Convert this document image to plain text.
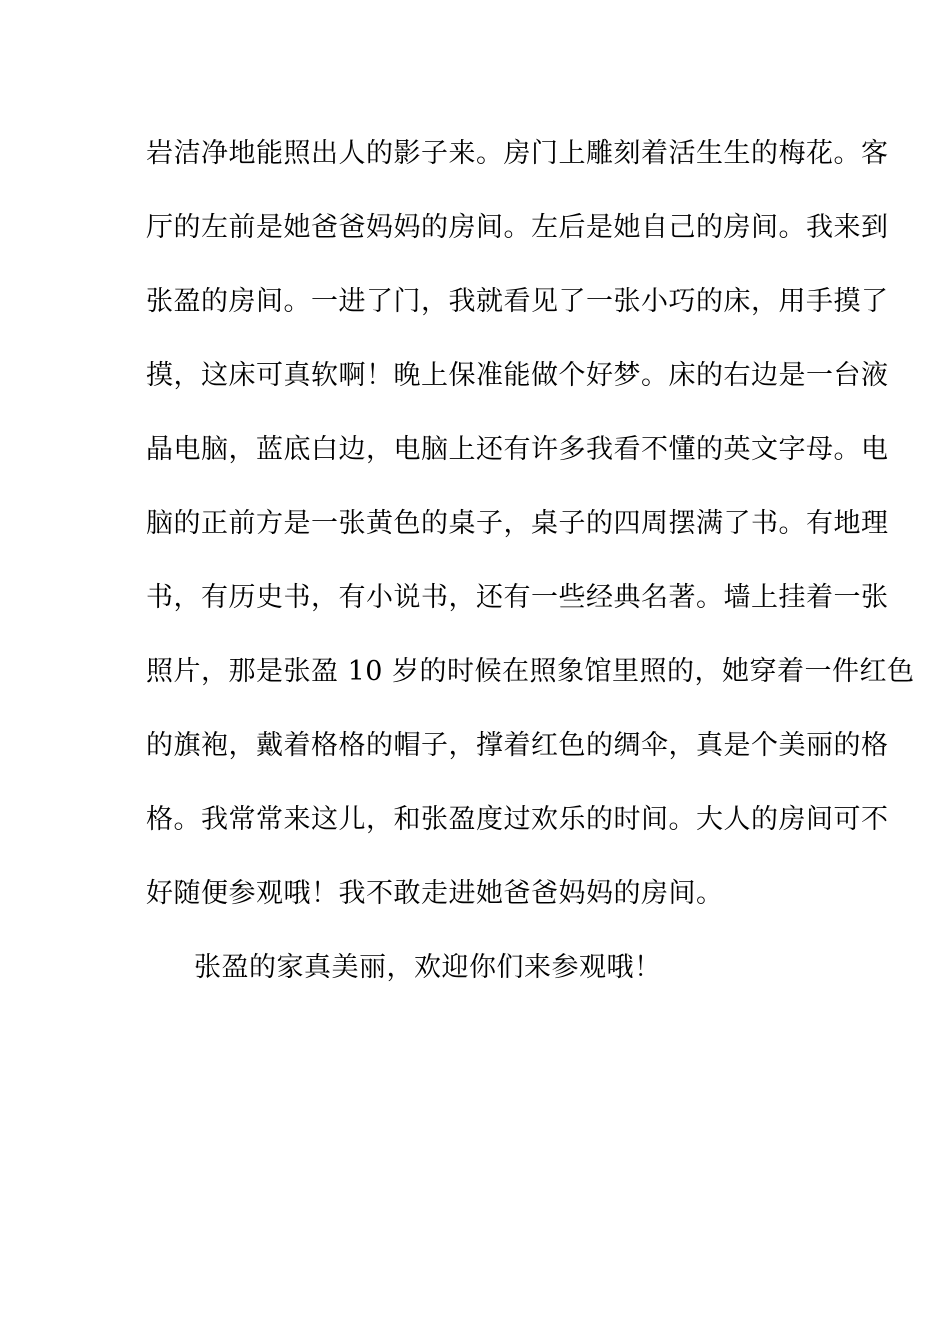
岩洁净地能照出人的影子来。房门上雕刻着活生生的梅花。客
厅的左前是她爸爸妈妈的房间。左后是她自己的房间。我来到
张盈的房间。一进了门，我就看见了一张小巧的床，用手摸了
摸，这床可真软啊！晚上保准能做个好梦。床的右边是一台液
晶电脑，蓝底白边，电脑上还有许多我看不懂的英文字母。电
脑的正前方是一张黄色的桌子，桌子的四周摆满了书。有地理
书，有历史书，有小说书，还有一些经典名著。墙上挂着一张
照片，那是张盈 10 岁的时候在照象馆里照的，她穿着一件红色
的旗袍，戴着格格的帽子，撑着红色的绸伞，真是个美丽的格
格。我常常来这儿，和张盈度过欢乐的时间。大人的房间可不
好随便参观哦！我不敢走进她爸爸妈妈的房间。
张盈的家真美丽，欢迎你们来参观哦！
